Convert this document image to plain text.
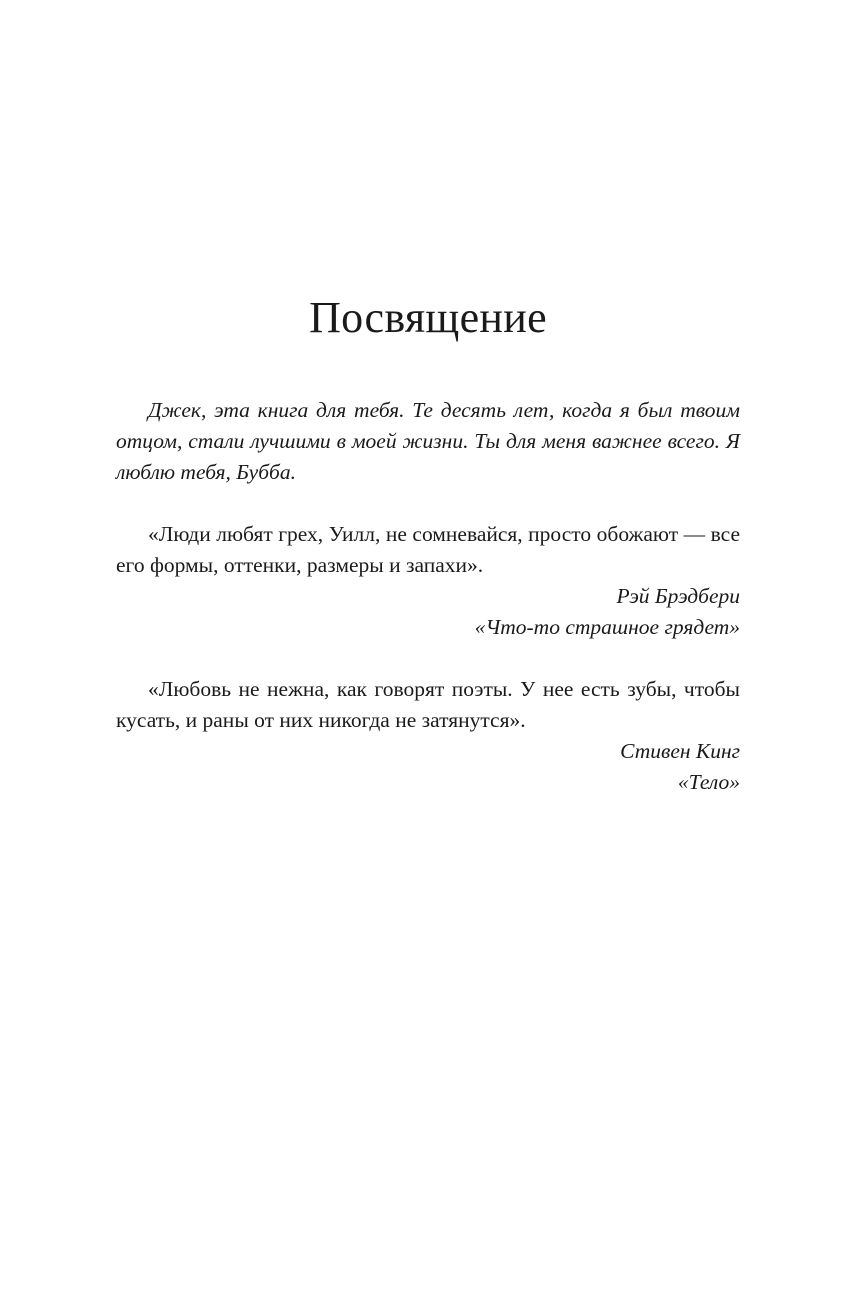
Посвящение

Джек, эта книга для тебя. Те десять лет, когда я был твоим отцом, стали лучшими в моей жизни. Ты для меня важнее всего. Я люблю тебя, Бубба.

«Люди любят грех, Уилл, не сомневайся, просто обожают — все его формы, оттенки, размеры и запахи».

Рэй Брэдбери

«Что-то страшное грядет»

«Любовь не нежна, как говорят поэты. У нее есть зубы, чтобы кусать, и раны от них никогда не затянутся».

Стивен Кинг

«Тело»
